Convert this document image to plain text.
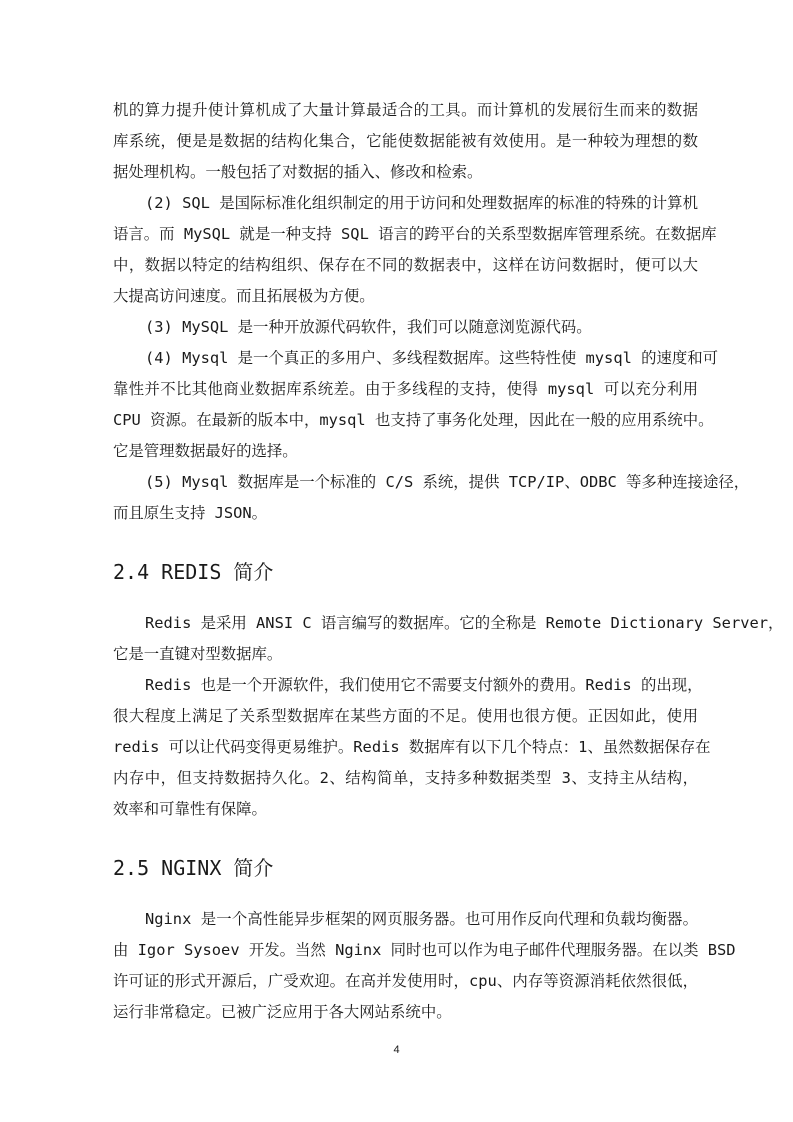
机的算力提升使计算机成了大量计算最适合的工具。而计算机的发展衍生而来的数据
库系统，便是是数据的结构化集合，它能使数据能被有效使用。是一种较为理想的数
据处理机构。一般包括了对数据的插入、修改和检索。
(2) SQL 是国际标准化组织制定的用于访问和处理数据库的标准的特殊的计算机
语言。而 MySQL 就是一种支持 SQL 语言的跨平台的关系型数据库管理系统。在数据库
中，数据以特定的结构组织、保存在不同的数据表中，这样在访问数据时，便可以大
大提高访问速度。而且拓展极为方便。
(3) MySQL 是一种开放源代码软件，我们可以随意浏览源代码。
(4) Mysql 是一个真正的多用户、多线程数据库。这些特性使 mysql 的速度和可
靠性并不比其他商业数据库系统差。由于多线程的支持，使得 mysql 可以充分利用
CPU 资源。在最新的版本中，mysql 也支持了事务化处理，因此在一般的应用系统中。
它是管理数据最好的选择。
(5) Mysql 数据库是一个标准的 C/S 系统，提供 TCP/IP、ODBC 等多种连接途径，
而且原生支持 JSON。
2.4 REDIS 简介
Redis 是采用 ANSI C 语言编写的数据库。它的全称是 Remote Dictionary Server，
它是一直键对型数据库。
Redis 也是一个开源软件，我们使用它不需要支付额外的费用。Redis 的出现，
很大程度上满足了关系型数据库在某些方面的不足。使用也很方便。正因如此，使用
redis 可以让代码变得更易维护。Redis 数据库有以下几个特点：1、虽然数据保存在
内存中，但支持数据持久化。2、结构简单，支持多种数据类型 3、支持主从结构，
效率和可靠性有保障。
2.5 NGINX 简介
Nginx 是一个高性能异步框架的网页服务器。也可用作反向代理和负载均衡器。
由 Igor Sysoev 开发。当然 Nginx 同时也可以作为电子邮件代理服务器。在以类 BSD
许可证的形式开源后，广受欢迎。在高并发使用时，cpu、内存等资源消耗依然很低，
运行非常稳定。已被广泛应用于各大网站系统中。
4
